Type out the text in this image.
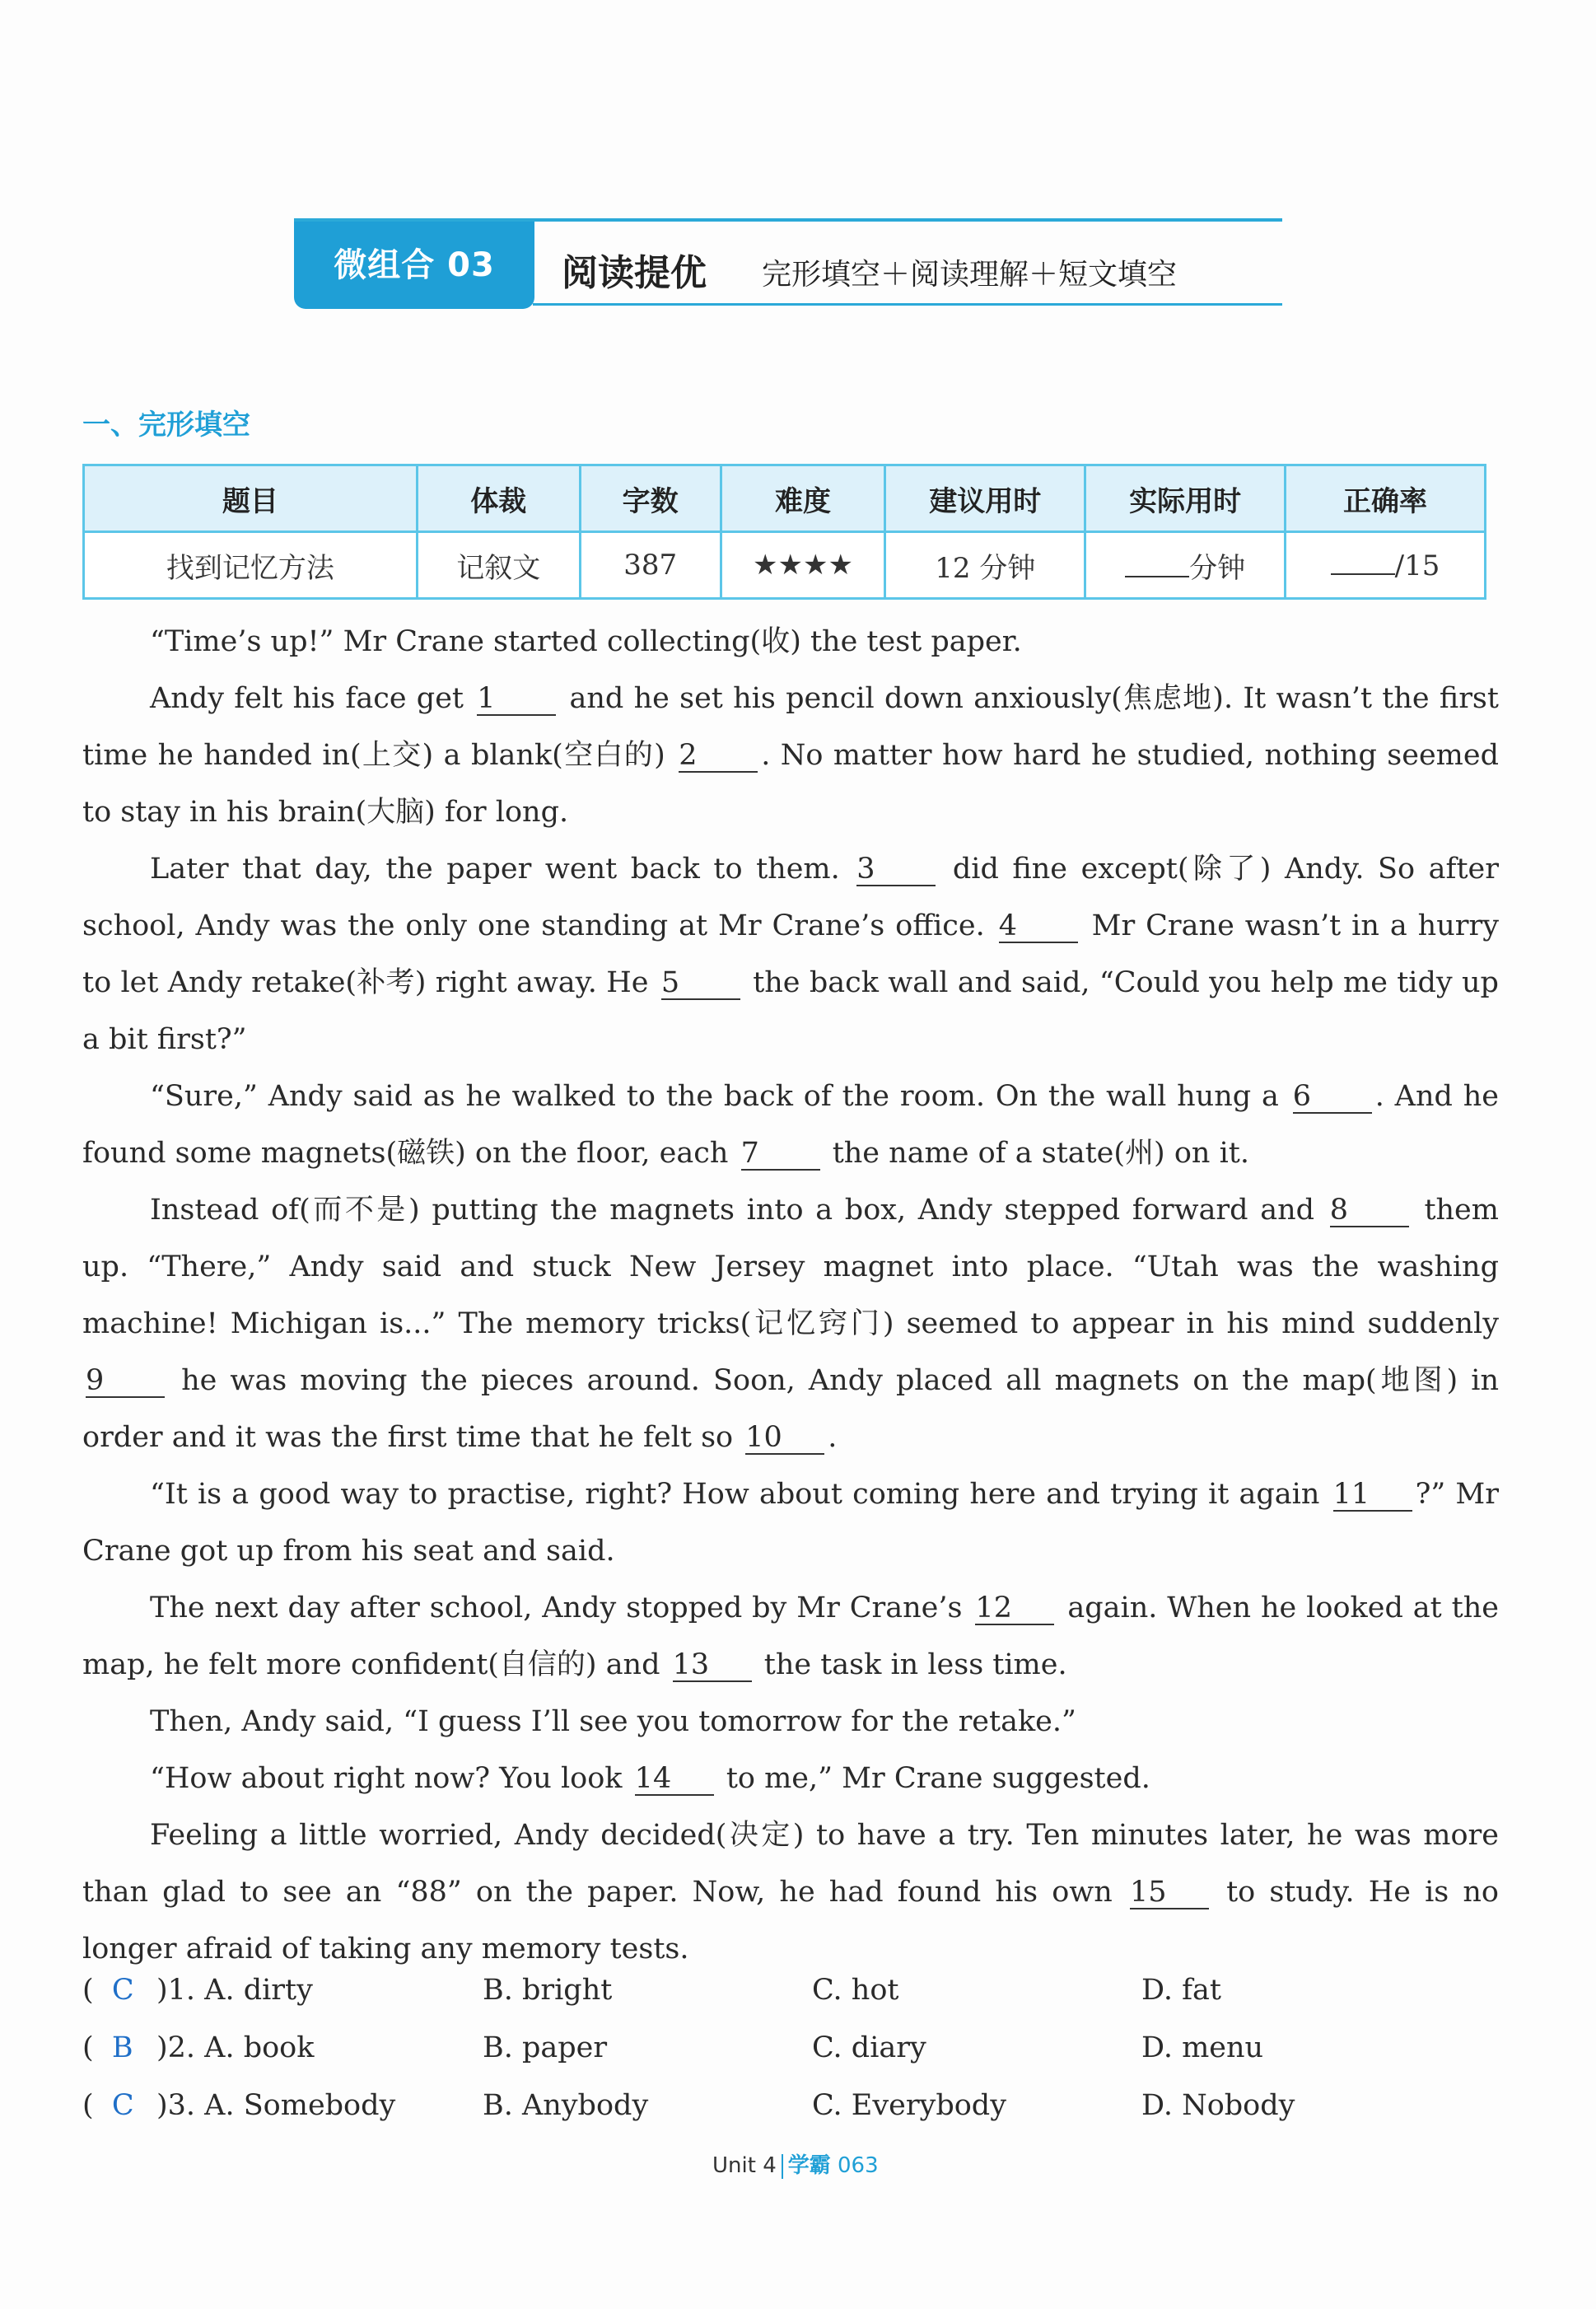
微组合 03	阅读提优 完形填空＋阅读理解＋短文填空
一、完形填空
题目	体裁	字数	难度	建议用时	实际用时	正确率
找到记忆方法	记叙文	387	★★★★	12 分钟	分钟	/15

“Time’s up!” Mr Crane started collecting(收) the test paper.

Andy felt his face get 1	and he set his pencil down anxiously(焦虑地). It wasn’t the first time he handed in(上交) a blank(空白的) 2 . No matter how hard he studied, nothing seemed to stay in his brain(大脑) for long.

Later that day, the paper went back to them. 3	did fine except(除了) Andy. So after school, Andy was the only one standing at Mr Crane’s office. 4	Mr Crane wasn’t in a hurry to let Andy retake(补考) right away. He 5	the back wall and said, “Could you help me tidy up a bit first?”

“Sure,” Andy said as he walked to the back of the room. On the wall hung a 6 . And he found some magnets(磁铁) on the floor, each 7	the name of a state(州) on it.

Instead of(而不是) putting the magnets into a box, Andy stepped forward and 8	them up. “There,” Andy said and stuck New Jersey magnet into place. “Utah was the washing machine! Michigan is...” The memory tricks(记忆窍门) seemed to appear in his mind suddenly 9	he was moving the pieces around. Soon, Andy placed all magnets on the map(地图) in order and it was the first time that he felt so 10 .

“It is a good way to practise, right? How about coming here and trying it again 11 ?” Mr Crane got up from his seat and said.

The next day after school, Andy stopped by Mr Crane’s 12 again. When he looked at the map, he felt more confident(自信的) and 13 the task in less time.

Then, Andy said, “I guess I’ll see you tomorrow for the retake.”

“How about right now? You look 14 to me,” Mr Crane suggested.

Feeling a little worried, Andy decided(决定) to have a try. Ten minutes later, he was more than glad to see an “88” on the paper. Now, he had found his own 15 to study. He is no longer afraid of taking any memory tests.

(  C )1. A. dirty	B. bright	C. hot	D. fat
(  B )2. A. book	B. paper	C. diary	D. menu
(  C )3. A. Somebody	B. Anybody	C. Everybody	D. Nobody
Unit 4 学霸 063
